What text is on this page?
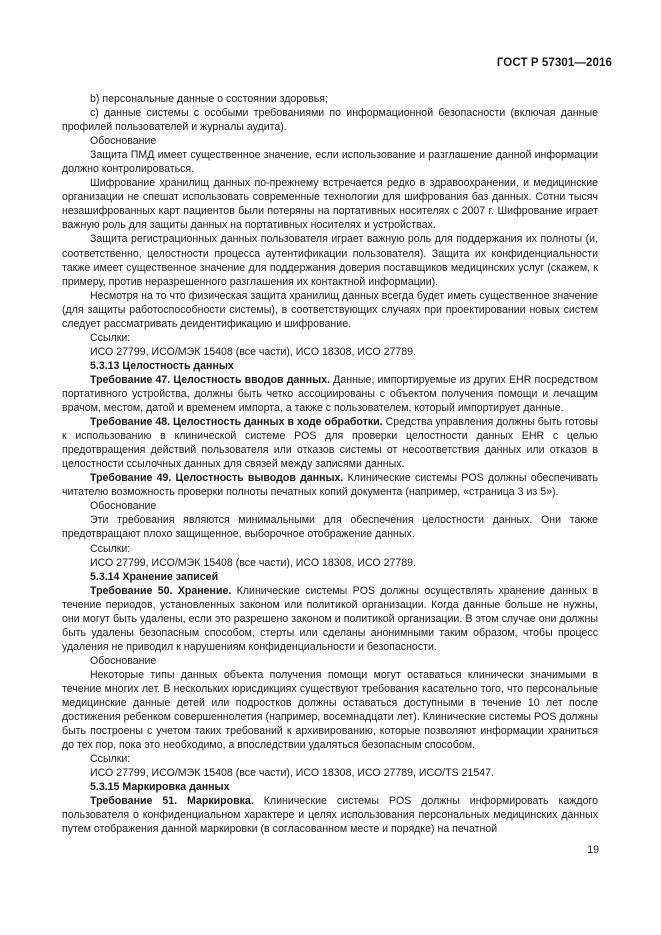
ГОСТ Р 57301—2016

b) персональные данные о состоянии здоровья;

c) данные системы с особыми требованиями по информационной безопасности (включая данные профилей пользователей и журналы аудита).

Обоснование

Защита ПМД имеет существенное значение, если использование и разглашение данной информации должно контролироваться.

Шифрование хранилищ данных по-прежнему встречается редко в здравоохранении, и медицинские организации не спешат использовать современные технологии для шифрования баз данных. Сотни тысяч незашифрованных карт пациентов были потеряны на портативных носителях с 2007 г. Шифрование играет важную роль для защиты данных на портативных носителях и устройствах.

Защита регистрационных данных пользователя играет важную роль для поддержания их полноты (и, соответственно, целостности процесса аутентификации пользователя). Защита их конфиденциальности также имеет существенное значение для поддержания доверия поставщиков медицинских услуг (скажем, к примеру, против неразрешенного разглашения их контактной информации).

Несмотря на то что физическая защита хранилищ данных всегда будет иметь существенное значение (для защиты работоспособности системы), в соответствующих случаях при проектировании новых систем следует рассматривать деидентификацию и шифрование.

Ссылки:

ИСО 27799, ИСО/МЭК 15408 (все части), ИСО 18308, ИСО 27789.

5.3.13 Целостность данных

Требование 47. Целостность вводов данных. Данные, импортируемые из других EHR посредством портативного устройства, должны быть четко ассоциированы с объектом получения помощи и лечащим врачом, местом, датой и временем импорта, а также с пользователем, который импортирует данные.

Требование 48. Целостность данных в ходе обработки. Средства управления должны быть готовы к использованию в клинической системе POS для проверки целостности данных EHR с целью предотвращения действий пользователя или отказов системы от несоответствия данных или отказов в целостности ссылочных данных для связей между записями данных.

Требование 49. Целостность выводов данных. Клинические системы POS должны обеспечивать читателю возможность проверки полноты печатных копий документа (например, «страница 3 из 5»).

Обоснование

Эти требования являются минимальными для обеспечения целостности данных. Они также предотвращают плохо защищенное, выборочное отображение данных.

Ссылки:

ИСО 27799, ИСО/МЭК 15408 (все части), ИСО 18308, ИСО 27789.

5.3.14 Хранение записей

Требование 50. Хранение. Клинические системы POS должны осуществлять хранение данных в течение периодов, установленных законом или политикой организации. Когда данные больше не нужны, они могут быть удалены, если это разрешено законом и политикой организации. В этом случае они должны быть удалены безопасным способом, стерты или сделаны анонимными таким образом, чтобы процесс удаления не приводил к нарушениям конфиденциальности и безопасности.

Обоснование

Некоторые типы данных объекта получения помощи могут оставаться клинически значимыми в течение многих лет. В нескольких юрисдикциях существуют требования касательно того, что персональные медицинские данные детей или подростков должны оставаться доступными в течение 10 лет после достижения ребенком совершеннолетия (например, восемнадцати лет). Клинические системы POS должны быть построены с учетом таких требований к архивированию, которые позволяют информации храниться до тех пор, пока это необходимо, а впоследствии удаляться безопасным способом.

Ссылки:

ИСО 27799, ИСО/МЭК 15408 (все части), ИСО 18308, ИСО 27789, ИСО/TS 21547.

5.3.15 Маркировка данных

Требование 51. Маркировка. Клинические системы POS должны информировать каждого пользователя о конфиденциальном характере и целях использования персональных медицинских данных путем отображения данной маркировки (в согласованном месте и порядке) на печатной

19
